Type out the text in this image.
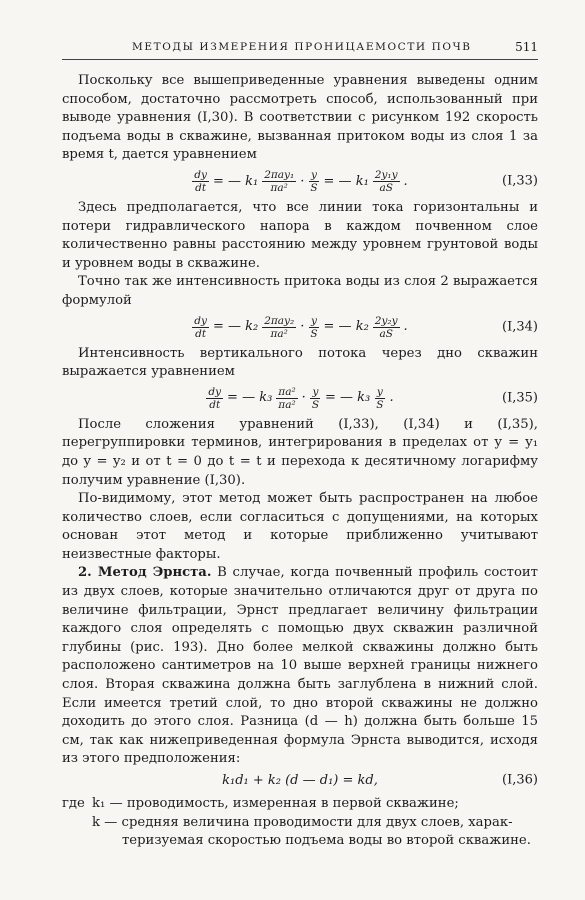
МЕТОДЫ ИЗМЕРЕНИЯ ПРОНИЦАЕМОСТИ ПОЧВ	511

Поскольку все вышеприведенные уравнения выведены одним способом, достаточно рассмотреть способ, использованный при выводе уравнения (I,30). В соответствии с рисунком 192 скорость подъема воды в скважине, вызванная притоком воды из слоя 1 за время t, дается уравнением

$\frac{dy}{dt}$ = — $k_1 \frac{\text{2πay₁}}{\text{πa²}} \cdot \frac{y}{S}$ = — $k_1 \frac{\text{2y₁y}}{aS}$ .	(I,33)

Здесь предполагается, что все линии тока горизонтальны и потери гидравлического напора в каждом почвенном слое количественно равны расстоянию между уровнем грунтовой воды и уровнем воды в скважине.

Точно так же интенсивность притока воды из слоя 2 выражается формулой

$\frac{dy}{dt}$ = — $k_2 \frac{\text{2πay₂}}{\text{πa²}} \cdot \frac{y}{S}$ = — $k_2 \frac{\text{2y₂y}}{aS}$ .	(I,34)

Интенсивность вертикального потока через дно скважин выражается уравнением

$\frac{dy}{dt}$ = — $k_3 \frac{\text{πa²}}{\text{πa²}} \cdot \frac{y}{S}$ = — $k_3 \frac{y}{S}$ .	(I,35)

После сложения уравнений (I,33), (I,34) и (I,35), перегруппировки терминов, интегрирования в пределах от y = y₁ до y = y₂ и от t = 0 до t = t и перехода к десятичному логарифму получим уравнение (I,30).

По-видимому, этот метод может быть распространен на любое количество слоев, если согласиться с допущениями, на которых основан этот метод и которые приближенно учитывают неизвестные факторы.

2. Метод Эрнста. В случае, когда почвенный профиль состоит из двух слоев, которые значительно отличаются друг от друга по величине фильтрации, Эрнст предлагает величину фильтрации каждого слоя определять с помощью двух скважин различной глубины (рис. 193). Дно более мелкой скважины должно быть расположено сантиметров на 10 выше верхней границы нижнего слоя. Вторая скважина должна быть заглублена в нижний слой. Если имеется третий слой, то дно второй скважины не должно доходить до этого слоя. Разница (d — h) должна быть больше 15 см, так как нижеприведенная формула Эрнста выводится, исходя из этого предположения:

k₁d₁ + k₂ (d — d₁) = kd,	(I,36)
где k₁ — проводимость, измеренная в первой скважине;
k — средняя величина проводимости для двух слоев, харак-
теризуемая скоростью подъема воды во второй скважине.
